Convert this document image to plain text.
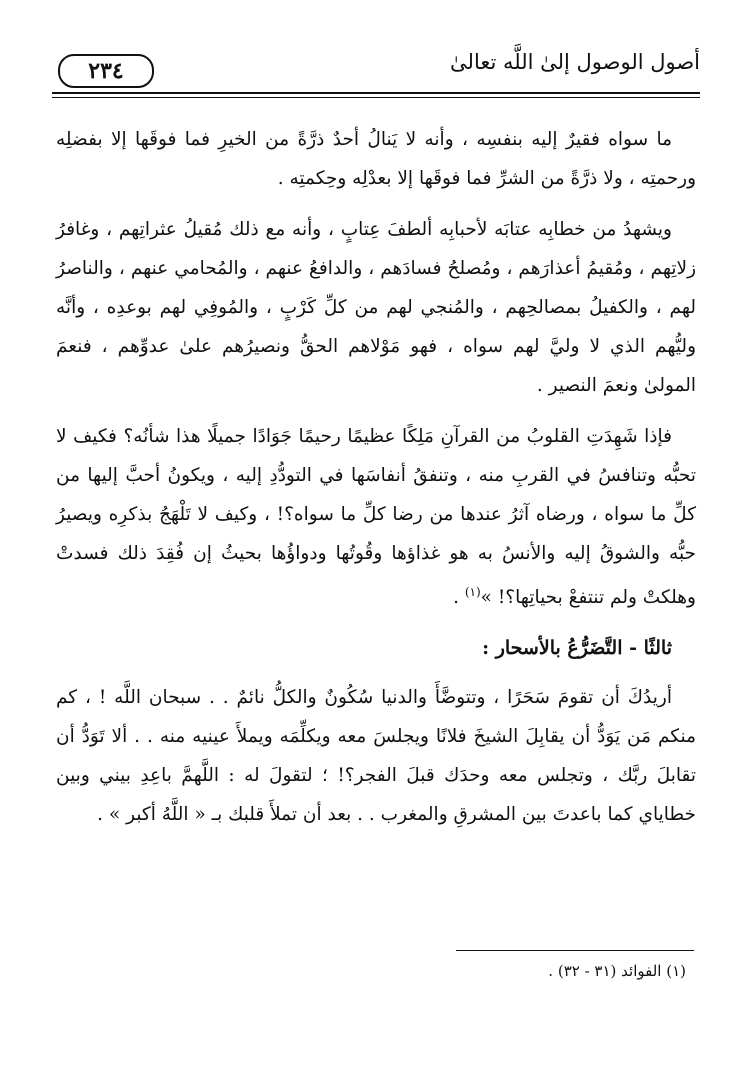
أصول الوصول إلىٰ اللَّه تعالىٰ
٢٣٤

ما سواه فقيرٌ إليه بنفسِه ، وأنه لا يَنالُ أحدٌ ذرَّةً من الخيرِ فما فوقَها إلا بفضلِه ورحمتِه ، ولا ذرَّةً من الشرِّ فما فوقَها إلا بعدْلِه وحِكمتِه .

ويشهدُ من خطابِه عتابَه لأحبابِه ألطفَ عِتابٍ ، وأنه مع ذلك مُقيلُ عثراتِهم ، وغافرُ زلاتِهم ، ومُقيمُ أعذارَهم ، ومُصلحُ فسادَهم ، والدافعُ عنهم ، والمُحامي عنهم ، والناصرُ لهم ، والكفيلُ بمصالحِهم ، والمُنجي لهم من كلِّ كَرْبٍ ، والمُوفِي لهم بوعدِه ، وأنَّه وليُّهم الذي لا وليَّ لهم سواه ، فهو مَوْلاهم الحقُّ ونصيرُهم علىٰ عدوِّهم ، فنعمَ المولىٰ ونعمَ النصير .

فإذا شَهِدَتِ القلوبُ من القرآنِ مَلِكًا عظيمًا رحيمًا جَوَادًا جميلًا هذا شأنُه؟ فكيف لا تحبُّه وتنافسُ في القربِ منه ، وتنفقُ أنفاسَها في التودُّدِ إليه ، ويكونُ أحبَّ إليها من كلِّ ما سواه ، ورضاه آثرُ عندها من رضا كلِّ ما سواه؟! ، وكيف لا تَلْهَجُ بذكرِه ويصيرُ حبُّه والشوقُ إليه والأنسُ به هو غذاؤها وقُوتُها ودواؤُها بحيثُ إن فُقِدَ ذلك فسدتْ وهلكتْ ولم تنتفعْ بحياتِها؟! »$^{(١)}$ .

ثالثًا - التَّضَرُّعُ بالأسحار :

أريدُكَ أن تقومَ سَحَرًا ، وتتوضَّأَ والدنيا سُكُونٌ والكلُّ نائمٌ . . سبحان اللَّه ! ، كم منكم مَن يَوَدُّ أن يقابِلَ الشيخَ فلانًا ويجلسَ معه ويكلِّمَه ويملأَ عينيه منه . . ألا تَوَدُّ أن تقابلَ ربَّك ، وتجلس معه وحدَك قبلَ الفجر؟! ؛ لتقولَ له : اللَّهمَّ باعِدِ بيني وبين خطاياي كما باعدتَ بين المشرقِ والمغرب . . بعد أن تملأَ قلبك بـ « اللَّهُ أكبر » .

(١) الفوائد (٣١ - ٣٢) .
